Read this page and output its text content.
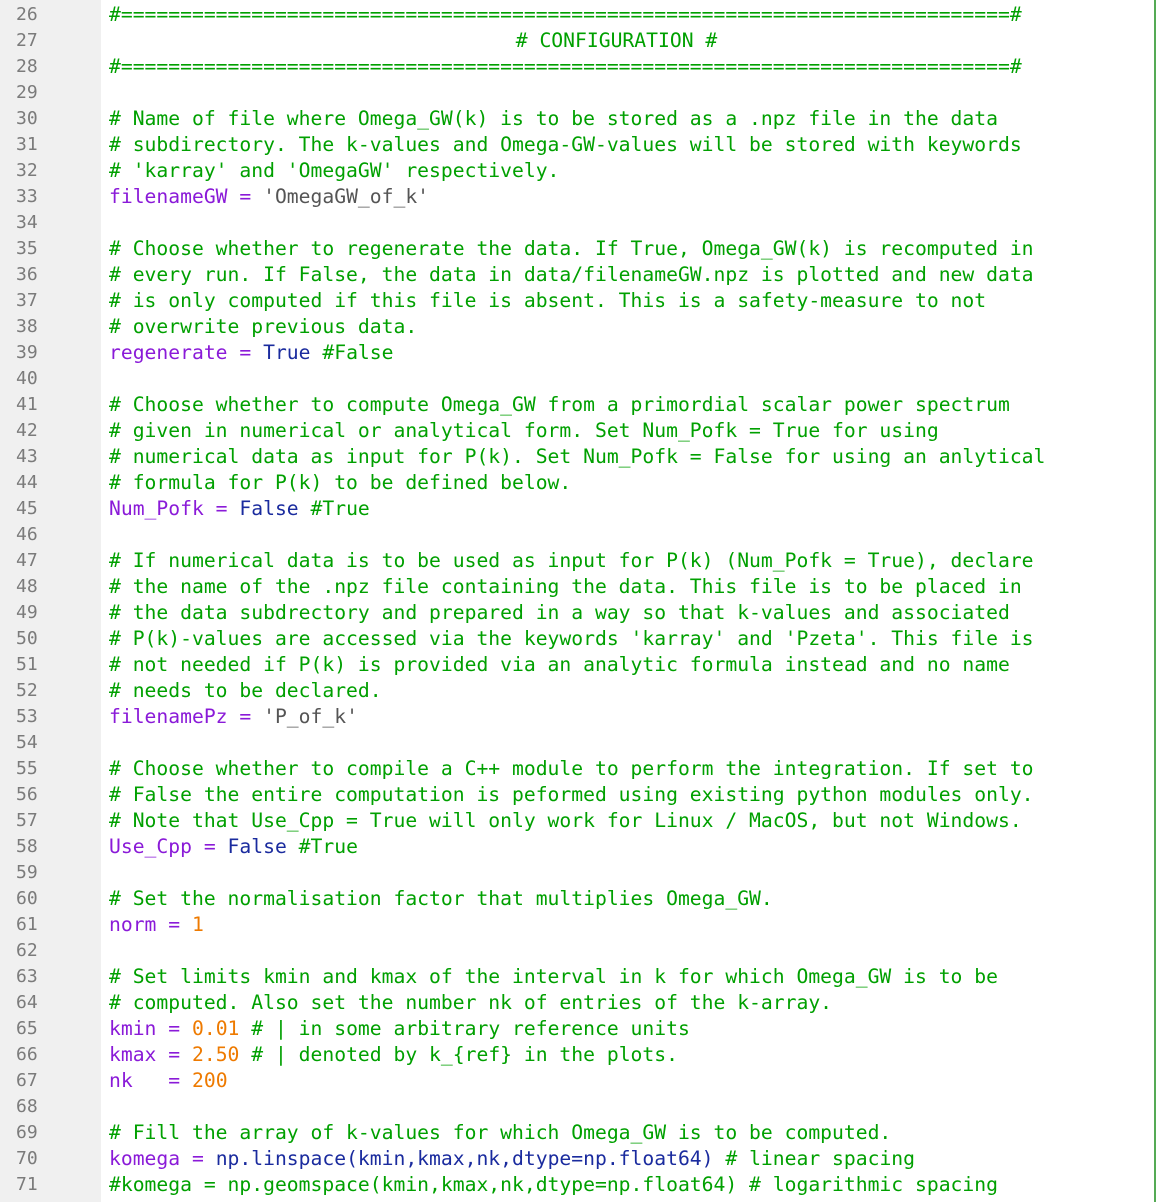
26
27
28
29
30
31
32
33
34
35
36
37
38
39
40
41
42
43
44
45
46
47
48
49
50
51
52
53
54
55
56
57
58
59
60
61
62
63
64
65
66
67
68
69
70
71
#===========================================================================#
# CONFIGURATION #
#===========================================================================#
# Name of file where Omega_GW(k) is to be stored as a .npz file in the data
# subdirectory. The k-values and Omega-GW-values will be stored with keywords
# 'karray' and 'OmegaGW' respectively.
filenameGW = 'OmegaGW_of_k'
# Choose whether to regenerate the data. If True, Omega_GW(k) is recomputed in
# every run. If False, the data in data/filenameGW.npz is plotted and new data
# is only computed if this file is absent. This is a safety-measure to not
# overwrite previous data.
regenerate = True #False
# Choose whether to compute Omega_GW from a primordial scalar power spectrum
# given in numerical or analytical form. Set Num_Pofk = True for using
# numerical data as input for P(k). Set Num_Pofk = False for using an anlytical
# formula for P(k) to be defined below.
Num_Pofk = False #True
# If numerical data is to be used as input for P(k) (Num_Pofk = True), declare
# the name of the .npz file containing the data. This file is to be placed in
# the data subdrectory and prepared in a way so that k-values and associated
# P(k)-values are accessed via the keywords 'karray' and 'Pzeta'. This file is
# not needed if P(k) is provided via an analytic formula instead and no name
# needs to be declared.
filenamePz = 'P_of_k'
# Choose whether to compile a C++ module to perform the integration. If set to
# False the entire computation is peformed using existing python modules only.
# Note that Use_Cpp = True will only work for Linux / MacOS, but not Windows.
Use_Cpp = False #True
# Set the normalisation factor that multiplies Omega_GW.
norm = 1
# Set limits kmin and kmax of the interval in k for which Omega_GW is to be
# computed. Also set the number nk of entries of the k-array.
kmin = 0.01 # | in some arbitrary reference units
kmax = 2.50 # | denoted by k_{ref} in the plots.
nk   = 200
# Fill the array of k-values for which Omega_GW is to be computed.
komega = np.linspace(kmin,kmax,nk,dtype=np.float64) # linear spacing
#komega = np.geomspace(kmin,kmax,nk,dtype=np.float64) # logarithmic spacing
